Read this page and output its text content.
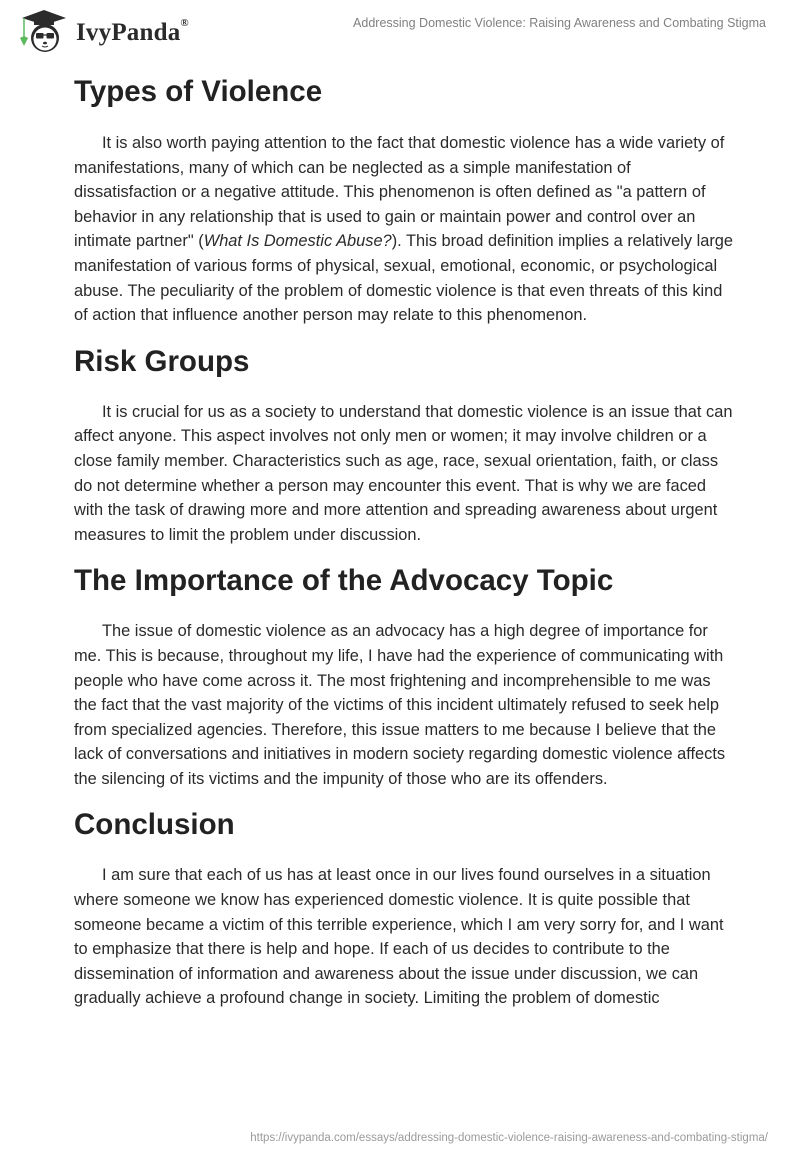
IvyPanda®	Addressing Domestic Violence: Raising Awareness and Combating Stigma
Types of Violence

It is also worth paying attention to the fact that domestic violence has a wide variety of manifestations, many of which can be neglected as a simple manifestation of dissatisfaction or a negative attitude. This phenomenon is often defined as "a pattern of behavior in any relationship that is used to gain or maintain power and control over an intimate partner" (What Is Domestic Abuse?). This broad definition implies a relatively large manifestation of various forms of physical, sexual, emotional, economic, or psychological abuse. The peculiarity of the problem of domestic violence is that even threats of this kind of action that influence another person may relate to this phenomenon.

Risk Groups

It is crucial for us as a society to understand that domestic violence is an issue that can affect anyone. This aspect involves not only men or women; it may involve children or a close family member. Characteristics such as age, race, sexual orientation, faith, or class do not determine whether a person may encounter this event. That is why we are faced with the task of drawing more and more attention and spreading awareness about urgent measures to limit the problem under discussion.

The Importance of the Advocacy Topic

The issue of domestic violence as an advocacy has a high degree of importance for me. This is because, throughout my life, I have had the experience of communicating with people who have come across it. The most frightening and incomprehensible to me was the fact that the vast majority of the victims of this incident ultimately refused to seek help from specialized agencies. Therefore, this issue matters to me because I believe that the lack of conversations and initiatives in modern society regarding domestic violence affects the silencing of its victims and the impunity of those who are its offenders.

Conclusion

I am sure that each of us has at least once in our lives found ourselves in a situation where someone we know has experienced domestic violence. It is quite possible that someone became a victim of this terrible experience, which I am very sorry for, and I want to emphasize that there is help and hope. If each of us decides to contribute to the dissemination of information and awareness about the issue under discussion, we can gradually achieve a profound change in society. Limiting the problem of domestic

https://ivypanda.com/essays/addressing-domestic-violence-raising-awareness-and-combating-stigma/
